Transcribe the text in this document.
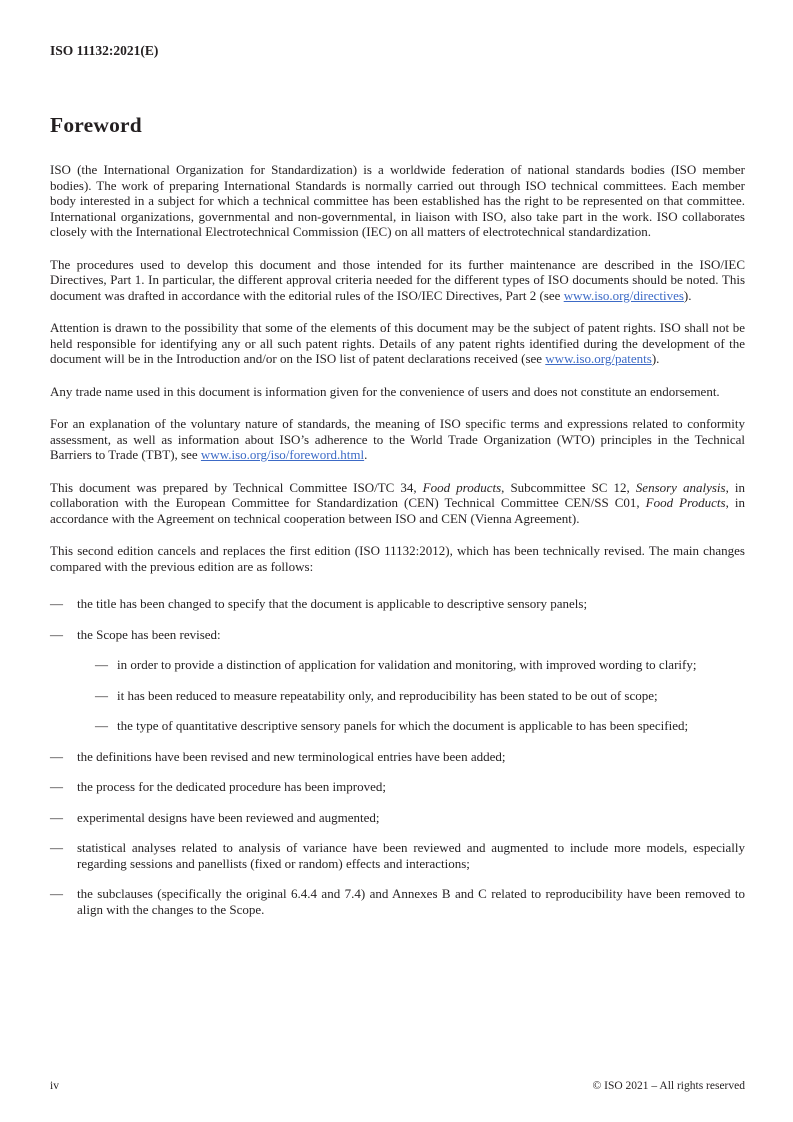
ISO 11132:2021(E)
Foreword

ISO (the International Organization for Standardization) is a worldwide federation of national standards bodies (ISO member bodies). The work of preparing International Standards is normally carried out through ISO technical committees. Each member body interested in a subject for which a technical committee has been established has the right to be represented on that committee. International organizations, governmental and non-governmental, in liaison with ISO, also take part in the work. ISO collaborates closely with the International Electrotechnical Commission (IEC) on all matters of electrotechnical standardization.

The procedures used to develop this document and those intended for its further maintenance are described in the ISO/IEC Directives, Part 1. In particular, the different approval criteria needed for the different types of ISO documents should be noted. This document was drafted in accordance with the editorial rules of the ISO/IEC Directives, Part 2 (see www.iso.org/directives).

Attention is drawn to the possibility that some of the elements of this document may be the subject of patent rights. ISO shall not be held responsible for identifying any or all such patent rights. Details of any patent rights identified during the development of the document will be in the Introduction and/or on the ISO list of patent declarations received (see www.iso.org/patents).

Any trade name used in this document is information given for the convenience of users and does not constitute an endorsement.

For an explanation of the voluntary nature of standards, the meaning of ISO specific terms and expressions related to conformity assessment, as well as information about ISO’s adherence to the World Trade Organization (WTO) principles in the Technical Barriers to Trade (TBT), see www.iso.org/iso/foreword.html.

This document was prepared by Technical Committee ISO/TC 34, Food products, Subcommittee SC 12, Sensory analysis, in collaboration with the European Committee for Standardization (CEN) Technical Committee CEN/SS C01, Food Products, in accordance with the Agreement on technical cooperation between ISO and CEN (Vienna Agreement).

This second edition cancels and replaces the first edition (ISO 11132:2012), which has been technically revised. The main changes compared with the previous edition are as follows:

— the title has been changed to specify that the document is applicable to descriptive sensory panels;
— the Scope has been revised:
— in order to provide a distinction of application for validation and monitoring, with improved wording to clarify;
— it has been reduced to measure repeatability only, and reproducibility has been stated to be out of scope;
— the type of quantitative descriptive sensory panels for which the document is applicable to has been specified;
— the definitions have been revised and new terminological entries have been added;
— the process for the dedicated procedure has been improved;
— experimental designs have been reviewed and augmented;
— statistical analyses related to analysis of variance have been reviewed and augmented to include more models, especially regarding sessions and panellists (fixed or random) effects and interactions;
— the subclauses (specifically the original 6.4.4 and 7.4) and Annexes B and C related to reproducibility have been removed to align with the changes to the Scope.
iv	© ISO 2021 – All rights reserved
